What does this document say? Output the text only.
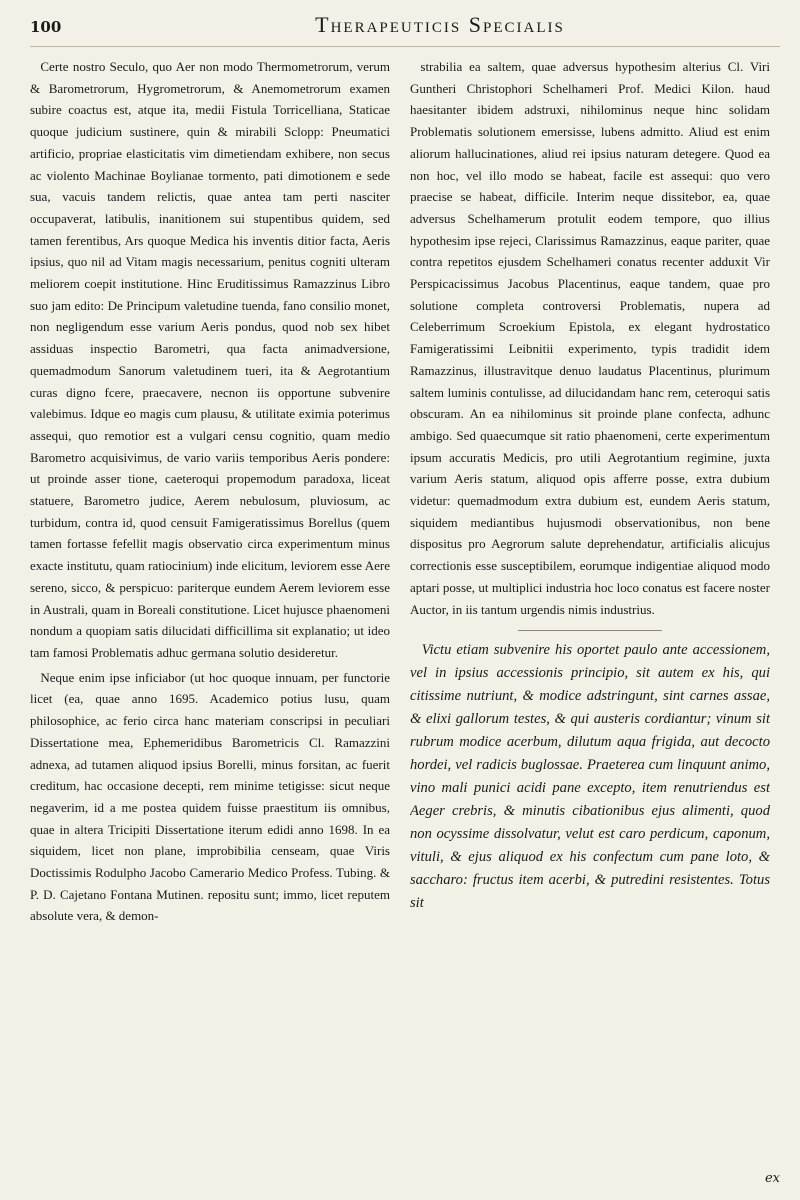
100	Therapeuticis Specialis

Certe nostro Seculo, quo Aer non modo Thermometrorum, verum & Barometrorum, Hygrometrorum, & Anemometrorum examen subire coactus est, atque ita, medii Fistula Torricelliana, Staticae quoque judicium sustinere, quin & mirabili Sclopp: Pneumatici artificio, propriae elasticitatis vim dimetiendam exhibere, non secus ac violento Machinae Boylianae tormento, pati dimotionem e sede sua, vacuis tandem relictis, quae antea tam perti nasciter occupaverat, latibulis, inanitionem sui stupentibus quidem, sed tamen ferentibus, Ars quoque Medica his inventis ditior facta, Aeris ipsius, quo nil ad Vitam magis necessarium, penitus cogniti ulteram meliorem coepit institutione. Hinc Eruditissimus Ramazzinus Libro suo jam edito: De Principum valetudine tuenda, fano consilio monet, non negligendum esse varium Aeris pondus, quod nob sex hibet assiduas inspectio Barometri, qua facta animadversione, quemadmodum Sanorum valetudinem tueri, ita & Aegrotantium curas digno fcere, praecavere, necnon iis opportune subvenire valebimus. Idque eo magis cum plausu, & utilitate eximia poterimus assequi, quo remotior est a vulgari censu cognitio, quam medio Barometro acquisivimus, de vario variis temporibus Aeris pondere: ut proinde asser tione, caeteroqui propemodum paradoxa, liceat statuere, Barometro judice, Aerem nebulosum, pluviosum, ac turbidum, contra id, quod censuit Famigeratissimus Borellus (quem tamen fortasse fefellit magis observatio circa experimentum minus exacte institutu, quam ratiocinium) inde elicitum, leviorem esse Aere sereno, sicco, & perspicuo: pariterque eundem Aerem leviorem esse in Australi, quam in Boreali constitutione. Licet hujusce phaenomeni nondum a quopiam satis dilucidati difficillima sit explanatio; ut ideo tam famosi Problematis adhuc germana solutio desideretur.

Neque enim ipse inficiabor (ut hoc quoque innuam, per functorie licet (ea, quae anno 1695. Academico potius lusu, quam philosophice, ac ferio circa hanc materiam conscripsi in peculiari Dissertatione mea, Ephemeridibus Barometricis Cl. Ramazzini adnexa, ad tutamen aliquod ipsius Borelli, minus forsitan, ac fuerit creditum, hac occasione decepti, rem minime tetigisse: sicut neque negaverim, id a me postea quidem fuisse praestitum iis omnibus, quae in altera Tricipiti Dissertatione iterum edidi anno 1698. In ea siquidem, licet non plane, improbibilia censeam, quae Viris Doctissimis Rodulpho Jacobo Camerario Medico Profess. Tubing. & P. D. Cajetano Fontana Mutinen. repositu sunt; immo, licet reputem absolute vera, & demon-

strabilia ea saltem, quae adversus hypothesim alterius Cl. Viri Guntheri Christophori Schelhameri Prof. Medici Kilon. haud haesitanter ibidem adstruxi, nihilominus neque hinc solidam Problematis solutionem emersisse, lubens admitto. Aliud est enim aliorum hallucinationes, aliud rei ipsius naturam detegere. Quod ea non hoc, vel illo modo se habeat, facile est assequi: quo vero praecise se habeat, difficile. Interim neque dissitebor, ea, quae adversus Schelhamerum protulit eodem tempore, quo illius hypothesim ipse rejeci, Clarissimus Ramazzinus, eaque pariter, quae contra repetitos ejusdem Schelhameri conatus recenter adduxit Vir Perspicacissimus Jacobus Placentinus, eaque tandem, quae pro solutione completa controversi Problematis, nupera ad Celeberrimum Scroekium Epistola, ex elegant hydrostatico Famigeratissimi Leibnitii experimento, typis tradidit idem Ramazzinus, illustravitque denuo laudatus Placentinus, plurimum saltem luminis contulisse, ad dilucidandam hanc rem, ceteroqui satis obscuram. An ea nihilominus sit proinde plane confecta, adhunc ambigo. Sed quaecumque sit ratio phaenomeni, certe experimentum ipsum accuratis Medicis, pro utili Aegrotantium regimine, juxta varium Aeris statum, aliquod opis afferre posse, extra dubium videtur: quemadmodum extra dubium est, eundem Aeris statum, siquidem mediantibus hujusmodi observationibus, non bene dispositus pro Aegrorum salute deprehendatur, artificialis alicujus correctionis esse susceptibilem, eorumque indigentiae aliquod modo aptari posse, ut multiplici industria hoc loco conatus est facere noster Auctor, in iis tantum urgendis nimis industrius.

Victu etiam subvenire his oportet paulo ante accessionem, vel in ipsius accessionis principio, sit autem ex his, qui citissime nutriunt, & modice adstringunt, sint carnes assae, & elixi gallorum testes, & qui austeris cordiantur; vinum sit rubrum modice acerbum, dilutum aqua frigida, aut decocto hordei, vel radicis buglossae. Praeterea cum linquunt animo, vino mali punici acidi pane excepto, item renutriendus est Aeger crebris, & minutis cibationibus ejus alimenti, quod non ocyssime dissolvatur, velut est caro perdicum, caponum, vituli, & ejus aliquod ex his confectum cum pane loto, & saccharo: fructus item acerbi, & putredini resistentes. Totus sit

ex
